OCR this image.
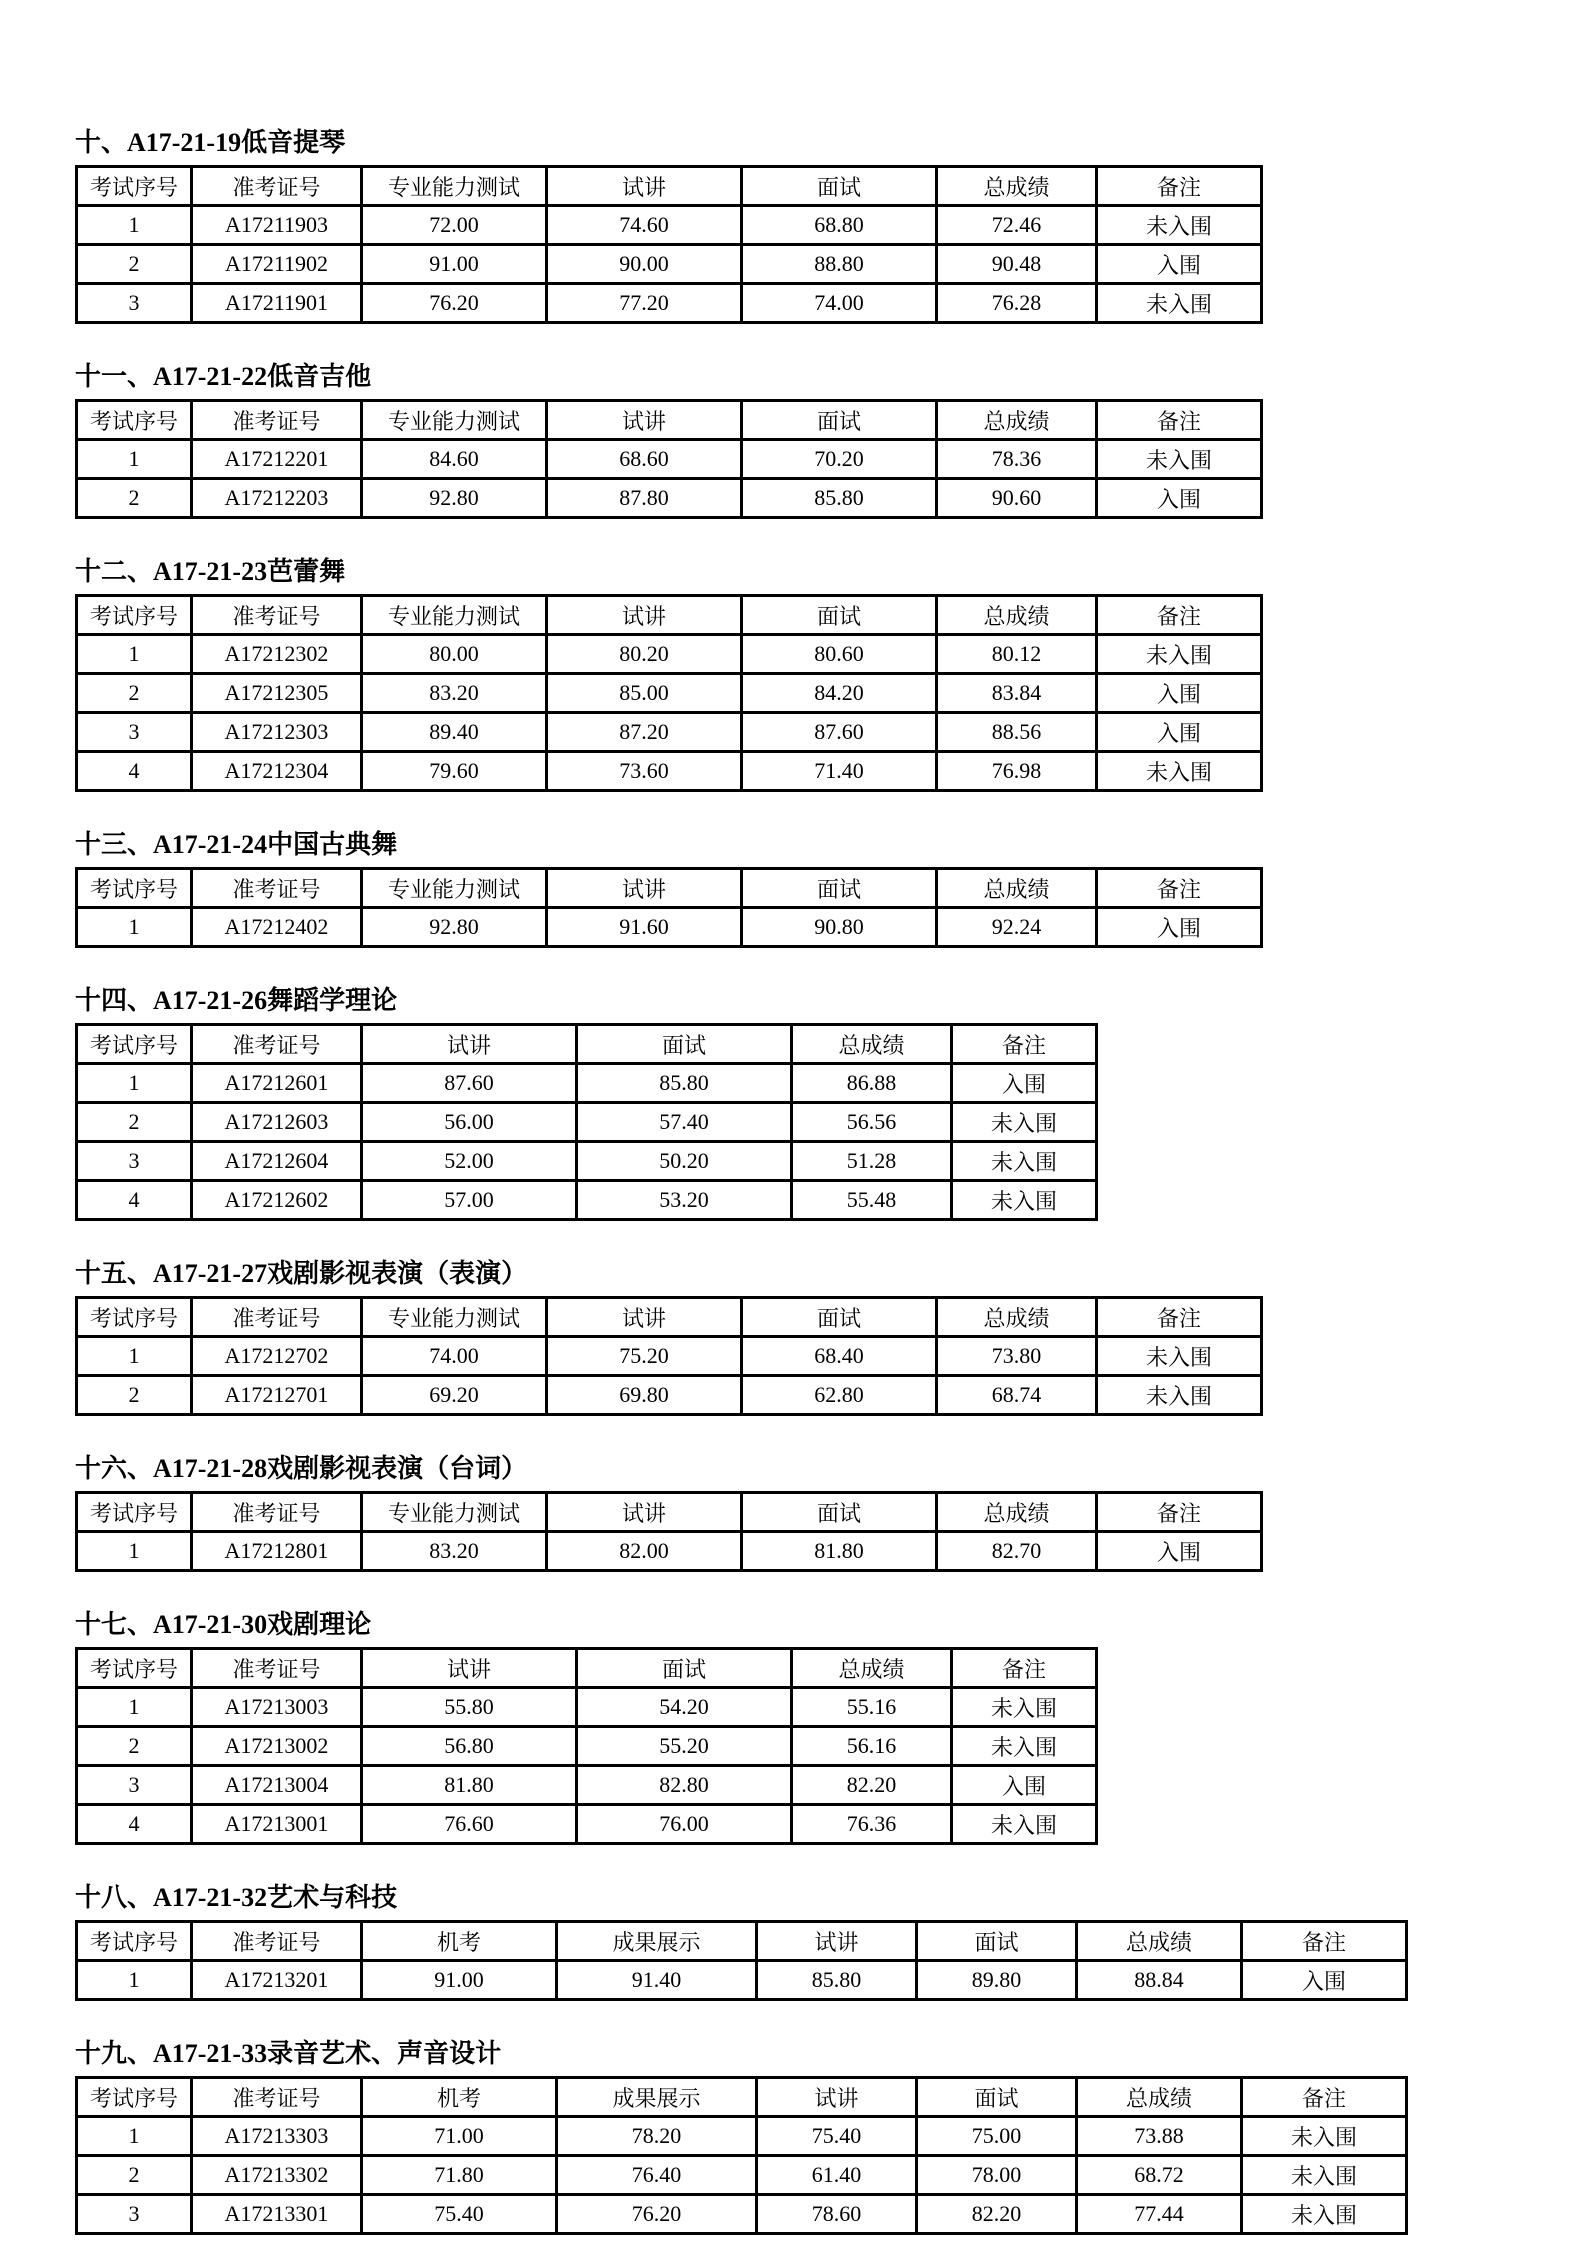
十、A17-21-19低音提琴
考试序号	准考证号	专业能力测试	试讲	面试	总成绩	备注
1	A17211903	72.00	74.60	68.80	72.46	未入围
2	A17211902	91.00	90.00	88.80	90.48	入围
3	A17211901	76.20	77.20	74.00	76.28	未入围
十一、A17-21-22低音吉他
考试序号	准考证号	专业能力测试	试讲	面试	总成绩	备注
1	A17212201	84.60	68.60	70.20	78.36	未入围
2	A17212203	92.80	87.80	85.80	90.60	入围
十二、A17-21-23芭蕾舞
考试序号	准考证号	专业能力测试	试讲	面试	总成绩	备注
1	A17212302	80.00	80.20	80.60	80.12	未入围
2	A17212305	83.20	85.00	84.20	83.84	入围
3	A17212303	89.40	87.20	87.60	88.56	入围
4	A17212304	79.60	73.60	71.40	76.98	未入围
十三、A17-21-24中国古典舞
考试序号	准考证号	专业能力测试	试讲	面试	总成绩	备注
1	A17212402	92.80	91.60	90.80	92.24	入围
十四、A17-21-26舞蹈学理论
考试序号	准考证号	试讲	面试	总成绩	备注
1	A17212601	87.60	85.80	86.88	入围
2	A17212603	56.00	57.40	56.56	未入围
3	A17212604	52.00	50.20	51.28	未入围
4	A17212602	57.00	53.20	55.48	未入围
十五、A17-21-27戏剧影视表演（表演）
考试序号	准考证号	专业能力测试	试讲	面试	总成绩	备注
1	A17212702	74.00	75.20	68.40	73.80	未入围
2	A17212701	69.20	69.80	62.80	68.74	未入围
十六、A17-21-28戏剧影视表演（台词）
考试序号	准考证号	专业能力测试	试讲	面试	总成绩	备注
1	A17212801	83.20	82.00	81.80	82.70	入围
十七、A17-21-30戏剧理论
考试序号	准考证号	试讲	面试	总成绩	备注
1	A17213003	55.80	54.20	55.16	未入围
2	A17213002	56.80	55.20	56.16	未入围
3	A17213004	81.80	82.80	82.20	入围
4	A17213001	76.60	76.00	76.36	未入围
十八、A17-21-32艺术与科技
考试序号	准考证号	机考	成果展示	试讲	面试	总成绩	备注
1	A17213201	91.00	91.40	85.80	89.80	88.84	入围
十九、A17-21-33录音艺术、声音设计
考试序号	准考证号	机考	成果展示	试讲	面试	总成绩	备注
1	A17213303	71.00	78.20	75.40	75.00	73.88	未入围
2	A17213302	71.80	76.40	61.40	78.00	68.72	未入围
3	A17213301	75.40	76.20	78.60	82.20	77.44	未入围
